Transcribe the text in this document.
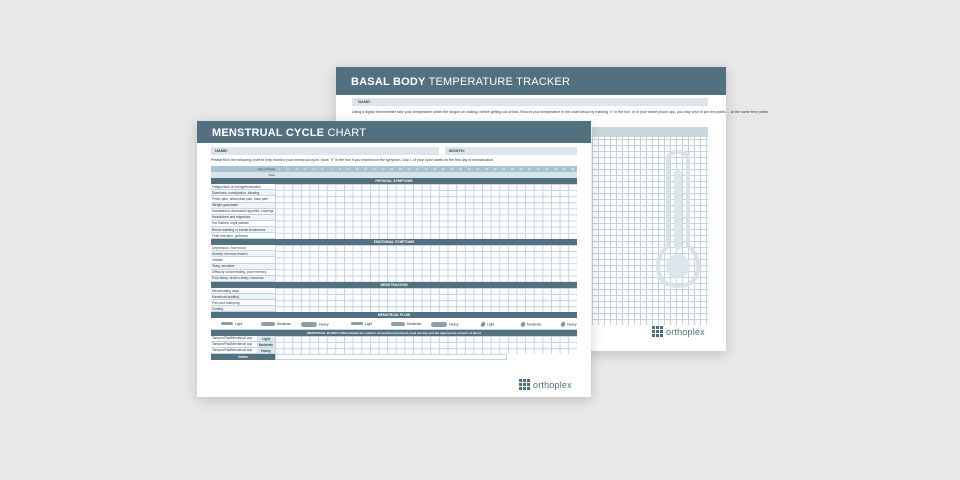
BASAL BODY TEMPERATURE TRACKER
NAME:
Using a digital thermometer take your temperature under the tongue on waking, before getting out of bed. Record your temperature in the chart below by marking "x" in the box, or in your smart phone app, you may wish to join the points ... at the same time points.

orthoplex
MENSTRUAL CYCLE CHART
NAME:	MONTH:
Please fill in the following chart to help monitor your menstrual cycle. Mark "x" in the box if you experience the symptom. Day 1 of your cycle starts on the first day of menstruation.
Day of Cycle	1	2	3	4	5	6	7	8	9	10	11	12	13	14	15	16	17	18	19	20	21	22	23	24	25	26	27	28	29	30	31	32	33	34	35
Date
PHYSICAL SYMPTOMS
Fatigue/lack of energy/exhausted
Diarrhoea, constipation, bloating
Pelvic pain, abdominal pain, back pain
Weight gain/water
Increased or decreased appetite, cravings
Headaches and migraines
Hot flushes, night sweats
Breast swelling or breast tenderness
Fluid retention, puffiness
EMOTIONAL SYMPTOMS
Depression / low mood
Anxiety, nervous tension
Irritable
Teary, sensitive
Difficulty concentrating, poor memory
Poor sleep, broken sleep, insomnia
MENSTRUATION
Menstruating days
Menstrual spotting
Pain and cramping
Clotting
MENSTRUAL FLOW
Light	Moderate	Heavy	Light	Moderate	Heavy	Light	Moderate	Heavy
MENSTRUAL BLOOD LOSS Indicate the number of menstrual products used per day and the appropriate amount of blood
Tampon/Pad/Menstrual cup	Light
Tampon/Pad/Menstrual cup	Moderate
Tampon/Pad/Menstrual cup	Heavy
Notes
orthoplex
